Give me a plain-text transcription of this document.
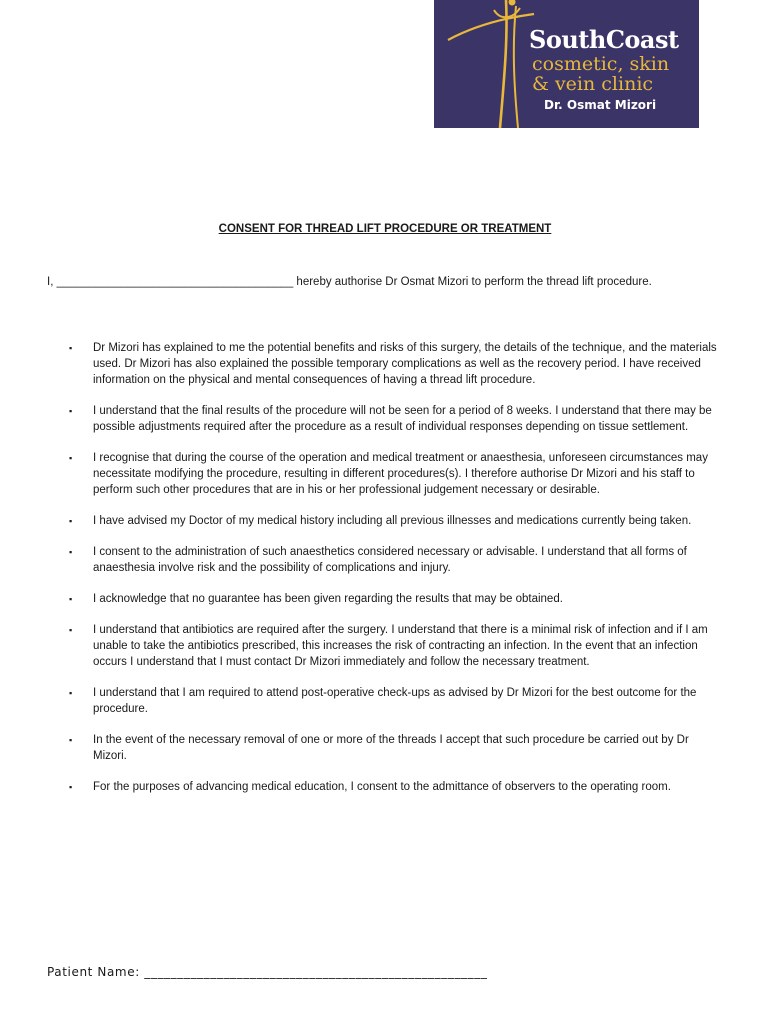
SouthCoast
cosmetic, skin
& vein clinic
Dr. Osmat Mizori
CONSENT FOR THREAD LIFT PROCEDURE OR TREATMENT
I, _____________________________________ hereby authorise Dr Osmat Mizori to perform the thread lift procedure.
▪ Dr Mizori has explained to me the potential benefits and risks of this surgery, the details of the technique, and the materials used. Dr Mizori has also explained the possible temporary complications as well as the recovery period. I have received information on the physical and mental consequences of having a thread lift procedure.
▪ I understand that the final results of the procedure will not be seen for a period of 8 weeks. I understand that there may be possible adjustments required after the procedure as a result of individual responses depending on tissue settlement.
▪ I recognise that during the course of the operation and medical treatment or anaesthesia, unforeseen circumstances may necessitate modifying the procedure, resulting in different procedures(s). I therefore authorise Dr Mizori and his staff to perform such other procedures that are in his or her professional judgement necessary or desirable.
▪ I have advised my Doctor of my medical history including all previous illnesses and medications currently being taken.
▪ I consent to the administration of such anaesthetics considered necessary or advisable. I understand that all forms of anaesthesia involve risk and the possibility of complications and injury.
▪ I acknowledge that no guarantee has been given regarding the results that may be obtained.
▪ I understand that antibiotics are required after the surgery. I understand that there is a minimal risk of infection and if I am unable to take the antibiotics prescribed, this increases the risk of contracting an infection. In the event that an infection occurs I understand that I must contact Dr Mizori immediately and follow the necessary treatment.
▪ I understand that I am required to attend post-operative check-ups as advised by Dr Mizori for the best outcome for the procedure.
▪ In the event of the necessary removal of one or more of the threads I accept that such procedure be carried out by Dr Mizori.
▪ For the purposes of advancing medical education, I consent to the admittance of observers to the operating room.
Patient Name: ____________________________________________________
